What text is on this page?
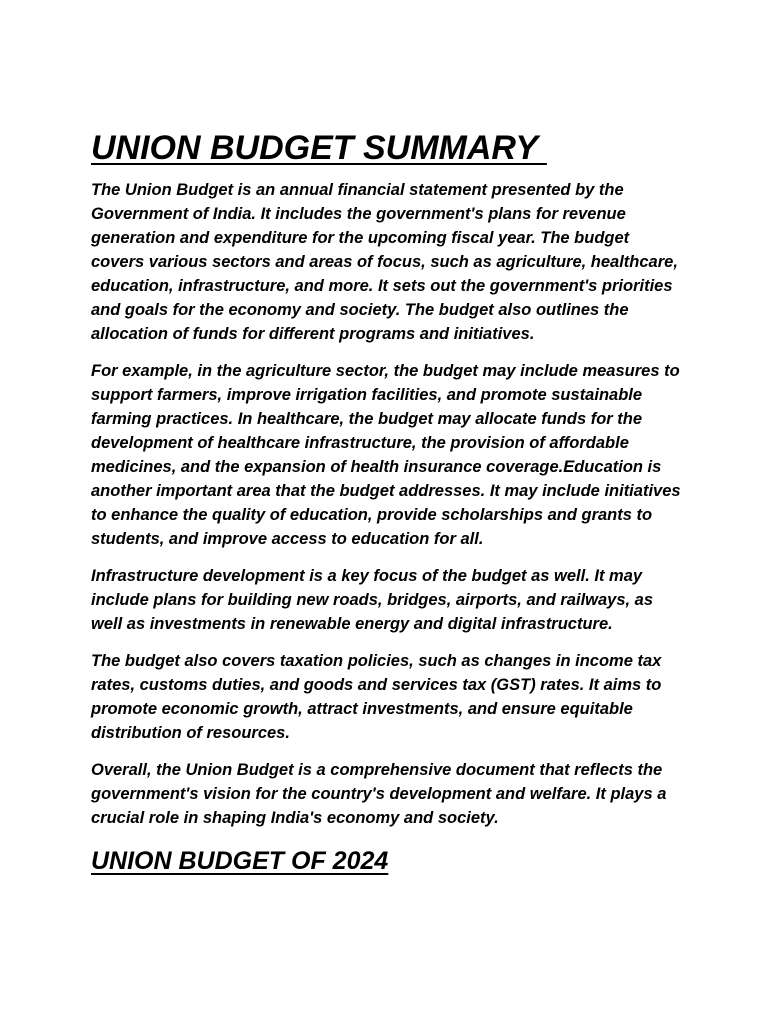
UNION BUDGET SUMMARY

The Union Budget is an annual financial statement presented by the Government of India. It includes the government's plans for revenue generation and expenditure for the upcoming fiscal year. The budget covers various sectors and areas of focus, such as agriculture, healthcare, education, infrastructure, and more. It sets out the government's priorities and goals for the economy and society. The budget also outlines the allocation of funds for different programs and initiatives.

For example, in the agriculture sector, the budget may include measures to support farmers, improve irrigation facilities, and promote sustainable farming practices. In healthcare, the budget may allocate funds for the development of healthcare infrastructure, the provision of affordable medicines, and the expansion of health insurance coverage.Education is another important area that the budget addresses. It may include initiatives to enhance the quality of education, provide scholarships and grants to students, and improve access to education for all.

Infrastructure development is a key focus of the budget as well. It may include plans for building new roads, bridges, airports, and railways, as well as investments in renewable energy and digital infrastructure.

The budget also covers taxation policies, such as changes in income tax rates, customs duties, and goods and services tax (GST) rates. It aims to promote economic growth, attract investments, and ensure equitable distribution of resources.

Overall, the Union Budget is a comprehensive document that reflects the government's vision for the country's development and welfare. It plays a crucial role in shaping India's economy and society.

UNION BUDGET OF 2024
